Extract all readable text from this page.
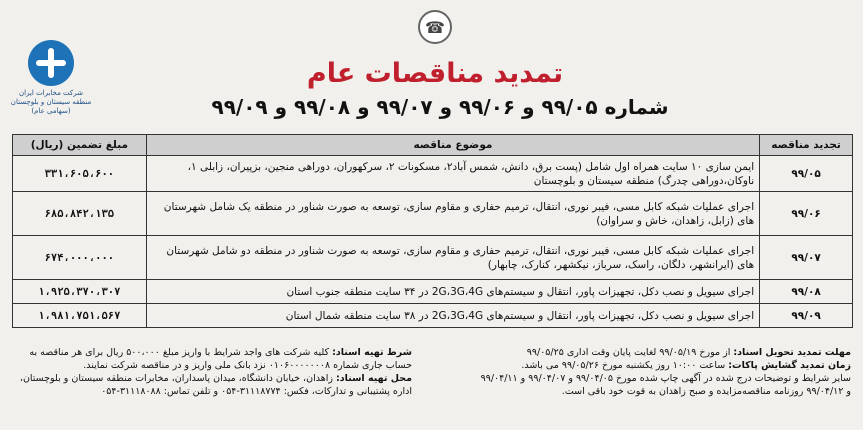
شرکت مخابرات ایران
منطقه سیستان و بلوچستان
(سهامی عام)
☎
تمدید مناقصات عام
شماره ۹۹/۰۵ و ۹۹/۰۶ و ۹۹/۰۷ و ۹۹/۰۸ و ۹۹/۰۹
تجدید مناقصه	موضوع مناقصه	مبلغ تضمین (ریال)
۹۹/۰۵	ایمن سازی ۱۰ سایت همراه اول شامل (پست برق، دانش، شمس آباد۲، مسکونات ۲، سرکهوران، دوراهی منجین، بزپیران، زابلی ۱، ناوکان،دوراهی چدرگ) منطقه سیستان و بلوچستان	۳۳۱،۶۰۵،۶۰۰
۹۹/۰۶	اجرای عملیات شبکه کابل مسی، فیبر نوری، انتقال، ترمیم حفاری و مقاوم سازی، توسعه به صورت شناور در منطقه یک شامل شهرستان های (زابل، زاهدان، خاش و سراوان)	۶۸۵،۸۴۲،۱۳۵
۹۹/۰۷	اجرای عملیات شبکه کابل مسی، فیبر نوری، انتقال، ترمیم حفاری و مقاوم سازی، توسعه به صورت شناور در منطقه دو شامل شهرستان های (ایرانشهر، دلگان، راسک، سرباز، نیکشهر، کنارک، چابهار)	۶۷۴،۰۰۰،۰۰۰
۹۹/۰۸	اجرای سیویل و نصب دکل، تجهیزات پاور، انتقال و سیستم‌های 2G،3G،4G در ۳۴ سایت منطقه جنوب استان	۱،۹۲۵،۳۷۰،۳۰۷
۹۹/۰۹	اجرای سیویل و نصب دکل، تجهیزات پاور، انتقال و سیستم‌های 2G،3G،4G در ۳۸ سایت منطقه شمال استان	۱،۹۸۱،۷۵۱،۵۶۷

مهلت تمدید تحویل اسناد: از مورخ ۹۹/۰۵/۱۹ لغایت پایان وقت اداری ۹۹/۰۵/۲۵

زمان تمدید گشایش پاکات: ساعت ۱۰:۰۰ روز یکشنبه مورخ ۹۹/۰۵/۲۶ می باشد.

سایر شرایط و توضیحات درج شده در آگهی چاپ شده مورخ ۹۹/۰۴/۰۵ و ۹۹/۰۴/۰۷ و ۹۹/۰۴/۱۱

و ۹۹/۰۴/۱۲ روزنامه مناقصه‌مزایده و صبح زاهدان به قوت خود باقی است.

شرط تهیه اسناد: کلیه شرکت های واجد شرایط با واریز مبلغ ۵۰۰،۰۰۰ ریال برای هر مناقصه به حساب جاری شماره ۰۱۰۶۰۰۰۰۰۰۰۸ نزد بانک ملی واریز و در مناقصه شرکت نمایند.

محل تهیه اسناد: زاهدان، خیابان دانشگاه، میدان پاسداران، مخابرات منطقه سیستان و بلوچستان، اداره پشتیبانی و تدارکات، فکس: ۳۱۱۱۸۷۷۴-۰۵۴ و تلفن تماس: ۳۱۱۱۸۰۸۸-۰۵۴
